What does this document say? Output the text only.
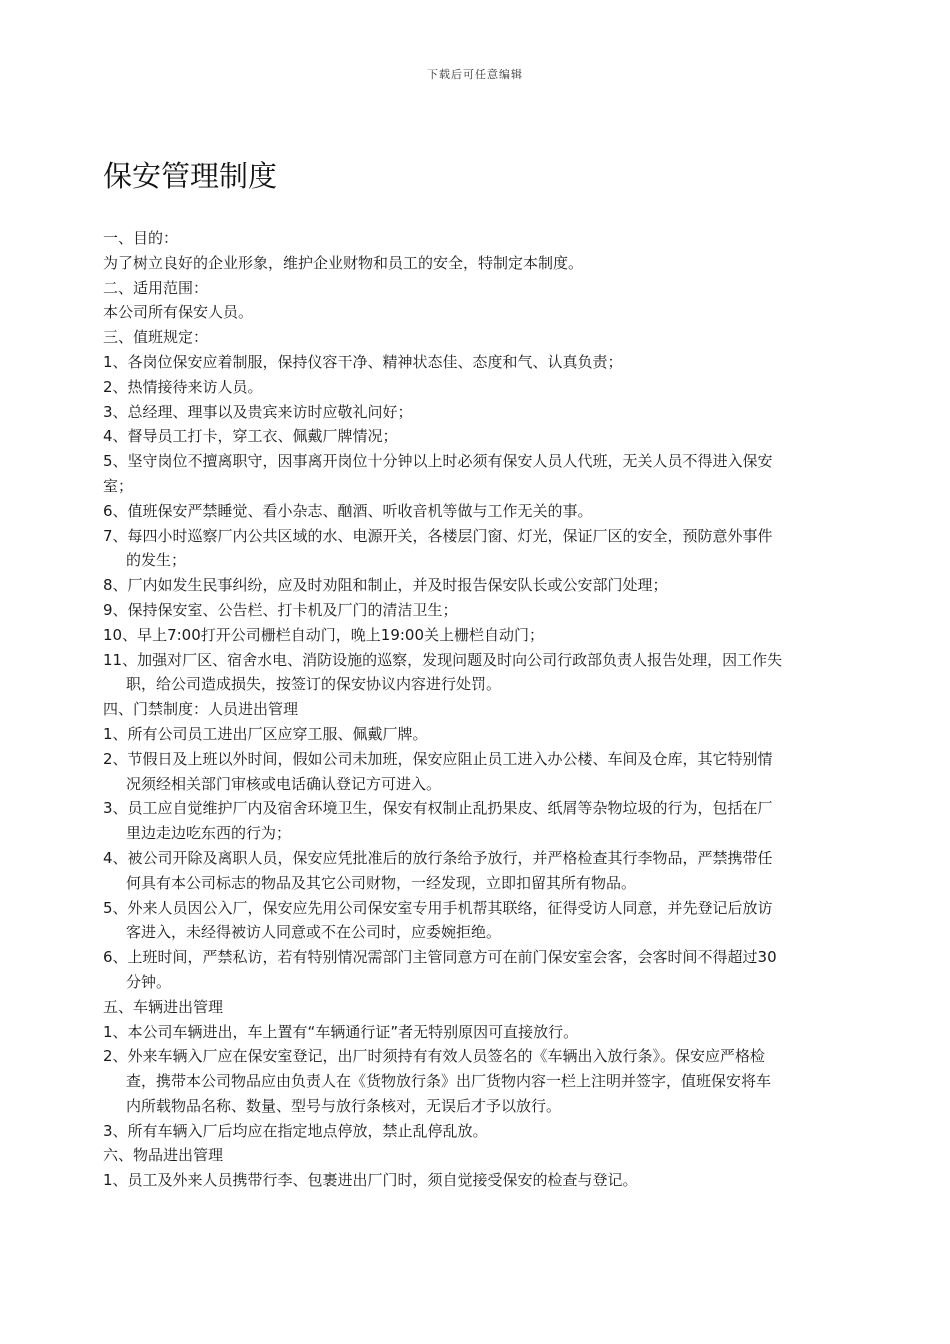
下载后可任意编辑
保安管理制度
一、目的：
为了树立良好的企业形象，维护企业财物和员工的安全，特制定本制度。
二、适用范围：
本公司所有保安人员。
三、值班规定：
1、各岗位保安应着制服，保持仪容干净、精神状态佳、态度和气、认真负责；
2、热情接待来访人员。
3、总经理、理事以及贵宾来访时应敬礼问好；
4、督导员工打卡，穿工衣、佩戴厂牌情况；
5、坚守岗位不擅离职守，因事离开岗位十分钟以上时必须有保安人员人代班，无关人员不得进入保安
室；
6、值班保安严禁睡觉、看小杂志、酗酒、听收音机等做与工作无关的事。
7、每四小时巡察厂内公共区域的水、电源开关，各楼层门窗、灯光，保证厂区的安全，预防意外事件
的发生；
8、厂内如发生民事纠纷，应及时劝阻和制止，并及时报告保安队长或公安部门处理；
9、保持保安室、公告栏、打卡机及厂门的清洁卫生；
10、早上7:00打开公司栅栏自动门，晚上19:00关上栅栏自动门；
11、加强对厂区、宿舍水电、消防设施的巡察，发现问题及时向公司行政部负责人报告处理，因工作失
职，给公司造成损失，按签订的保安协议内容进行处罚。
四、门禁制度：人员进出管理
1、所有公司员工进出厂区应穿工服、佩戴厂牌。
2、节假日及上班以外时间，假如公司未加班，保安应阻止员工进入办公楼、车间及仓库，其它特别情
况须经相关部门审核或电话确认登记方可进入。
3、员工应自觉维护厂内及宿舍环境卫生，保安有权制止乱扔果皮、纸屑等杂物垃圾的行为，包括在厂
里边走边吃东西的行为；
4、被公司开除及离职人员，保安应凭批准后的放行条给予放行，并严格检查其行李物品，严禁携带任
何具有本公司标志的物品及其它公司财物，一经发现，立即扣留其所有物品。
5、外来人员因公入厂，保安应先用公司保安室专用手机帮其联络，征得受访人同意，并先登记后放访
客进入，未经得被访人同意或不在公司时，应委婉拒绝。
6、上班时间，严禁私访，若有特别情况需部门主管同意方可在前门保安室会客，会客时间不得超过30
分钟。
五、车辆进出管理
1、本公司车辆进出，车上置有“车辆通行证”者无特别原因可直接放行。
2、外来车辆入厂应在保安室登记，出厂时须持有有效人员签名的《车辆出入放行条》。保安应严格检
查，携带本公司物品应由负责人在《货物放行条》出厂货物内容一栏上注明并签字，值班保安将车
内所载物品名称、数量、型号与放行条核对，无误后才予以放行。
3、所有车辆入厂后均应在指定地点停放，禁止乱停乱放。
六、物品进出管理
1、员工及外来人员携带行李、包裹进出厂门时，须自觉接受保安的检查与登记。
